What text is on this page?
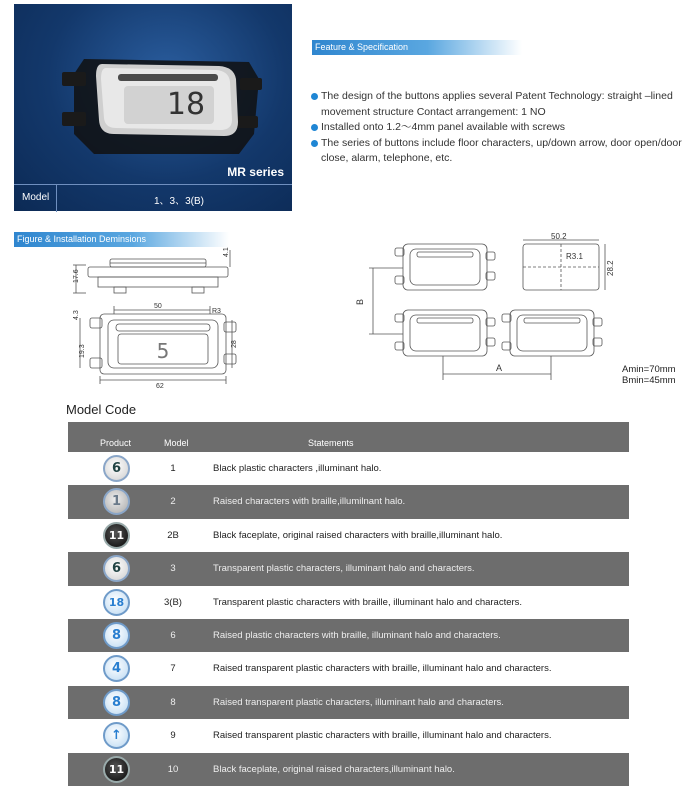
18
MR series
Model	1、3、3(B)
Feature & Specification
The design of the buttons applies several Patent Technology: straight –lined movement structure Contact arrangement: 1 NO
Installed onto 1.2～4mm panel available with screws
The series of buttons include floor characters, up/down arrow, door open/door close, alarm, telephone, etc.
Figure & Installation Deminsions
17.6
4.1
50
R3
4.3
19.3
28
62
5
50.2
R3.1
28.2
B
A	Amin=70mm
Bmin=45mm
Model Code
Product	Model	Statements
6	1	Black plastic characters ,illuminant halo.
1	2	Raised characters with braille,illumilnant halo.
11	2B	Black faceplate, original raised characters with braille,illuminant halo.
6	3	Transparent plastic characters, illuminant halo and characters.
18	3(B)	Transparent plastic characters with braille, illuminant halo and characters.
8	6	Raised plastic characters with braille, illuminant halo and characters.
4	7	Raised transparent plastic characters with braille, illuminant halo and characters.
8	8	Raised transparent plastic characters, illuminant halo and characters.
↑	9	Raised transparent plastic characters with braille, illuminant halo and characters.
11	10	Black faceplate, original raised characters,illuminant halo.
